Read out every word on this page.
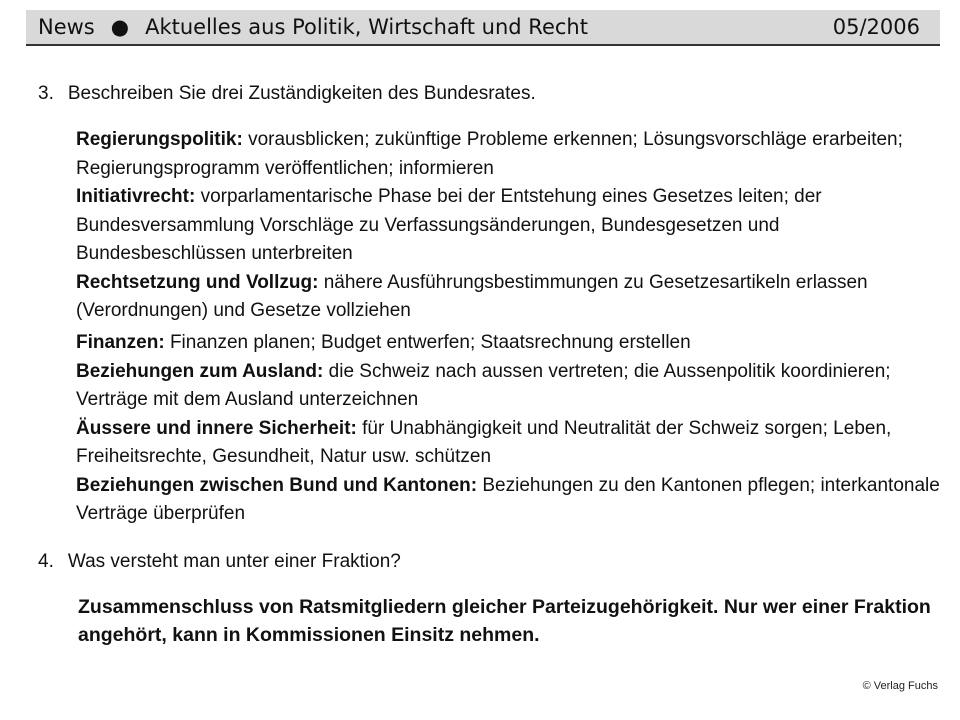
News ● Aktuelles aus Politik, Wirtschaft und Recht	05/2006
3. Beschreiben Sie drei Zuständigkeiten des Bundesrates.
Regierungspolitik: vorausblicken; zukünftige Probleme erkennen; Lösungsvorschläge erarbeiten; Regierungsprogramm veröffentlichen; informieren
Initiativrecht: vorparlamentarische Phase bei der Entstehung eines Gesetzes leiten; der Bundesversammlung Vorschläge zu Verfassungsänderungen, Bundesgesetzen und Bundesbeschlüssen unterbreiten
Rechtsetzung und Vollzug: nähere Ausführungsbestimmungen zu Gesetzesartikeln erlassen (Verordnungen) und Gesetze vollziehen
Finanzen: Finanzen planen; Budget entwerfen; Staatsrechnung erstellen
Beziehungen zum Ausland: die Schweiz nach aussen vertreten; die Aussenpolitik koordinieren; Verträge mit dem Ausland unterzeichnen
Äussere und innere Sicherheit: für Unabhängigkeit und Neutralität der Schweiz sorgen; Leben, Freiheitsrechte, Gesundheit, Natur usw. schützen
Beziehungen zwischen Bund und Kantonen: Beziehungen zu den Kantonen pflegen; interkantonale Verträge überprüfen
4. Was versteht man unter einer Fraktion?
Zusammenschluss von Ratsmitgliedern gleicher Parteizugehörigkeit. Nur wer einer Fraktion angehört, kann in Kommissionen Einsitz nehmen.
© Verlag Fuchs
